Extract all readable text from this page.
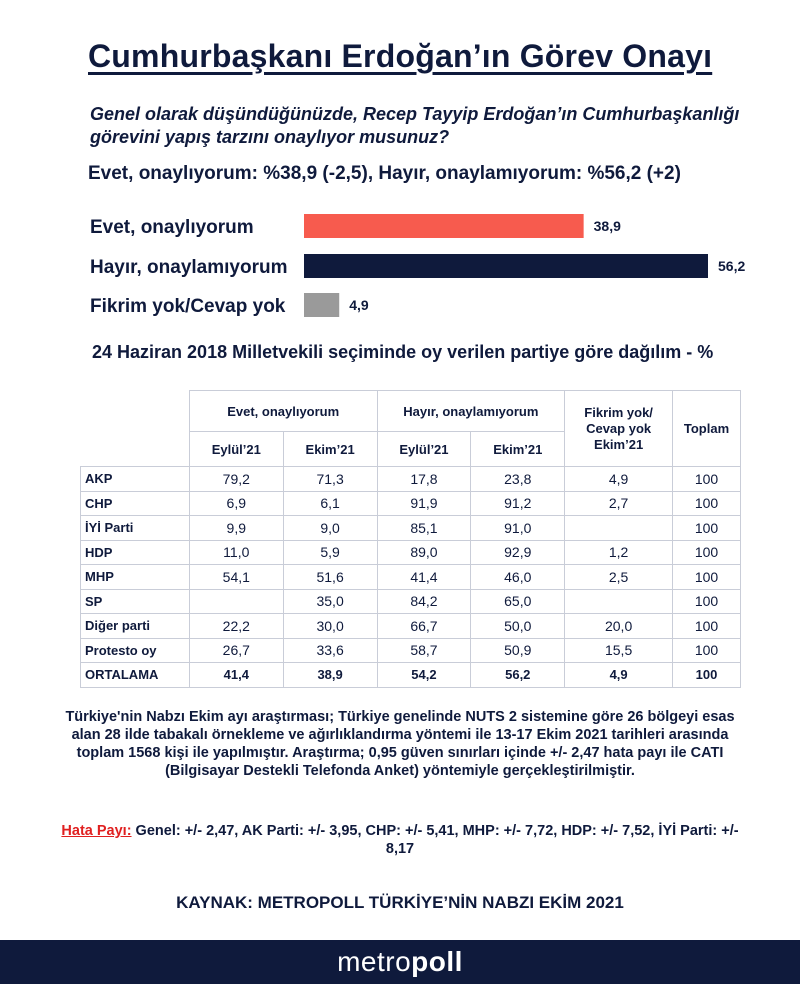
Cumhurbaşkanı Erdoğan’ın Görev Onayı

Genel olarak düşündüğünüzde, Recep Tayyip Erdoğan’ın Cumhurbaşkanlığı görevini yapış tarzını onaylıyor musunuz?

Evet, onaylıyorum: %38,9 (-2,5), Hayır, onaylamıyorum: %56,2 (+2)

Evet, onaylıyorum	38,9
Hayır, onaylamıyorum	56,2
Fikrim yok/Cevap yok	4,9

24 Haziran 2018 Milletvekili seçiminde oy verilen partiye göre dağılım - %

	Evet, onaylıyorum		Hayır, onaylamıyorum		Fikrim yok/ Cevap yok Ekim’21	Toplam
	Eylül’21	Ekim’21	Eylül’21	Ekim’21		
AKP	79,2	71,3	17,8	23,8	4,9	100
CHP	6,9	6,1	91,9	91,2	2,7	100
İYİ Parti	9,9	9,0	85,1	91,0		100
HDP	11,0	5,9	89,0	92,9	1,2	100
MHP	54,1	51,6	41,4	46,0	2,5	100
SP		35,0	84,2	65,0		100
Diğer parti	22,2	30,0	66,7	50,0	20,0	100
Protesto oy	26,7	33,6	58,7	50,9	15,5	100
ORTALAMA	41,4	38,9	54,2	56,2	4,9	100

Türkiye'nin Nabzı Ekim ayı araştırması; Türkiye genelinde NUTS 2 sistemine göre 26 bölgeyi esas alan 28 ilde tabakalı örnekleme ve ağırlıklandırma yöntemi ile 13-17 Ekim 2021 tarihleri arasında toplam 1568 kişi ile yapılmıştır. Araştırma; 0,95 güven sınırları içinde +/- 2,47 hata payı ile CATI (Bilgisayar Destekli Telefonda Anket) yöntemiyle gerçekleştirilmiştir.

Hata Payı: Genel: +/- 2,47, AK Parti: +/- 3,95, CHP: +/- 5,41, MHP: +/- 7,72, HDP: +/- 7,52, İYİ Parti: +/- 8,17

KAYNAK: METROPOLL TÜRKİYE’NİN NABZI EKİM 2021

metropoll
